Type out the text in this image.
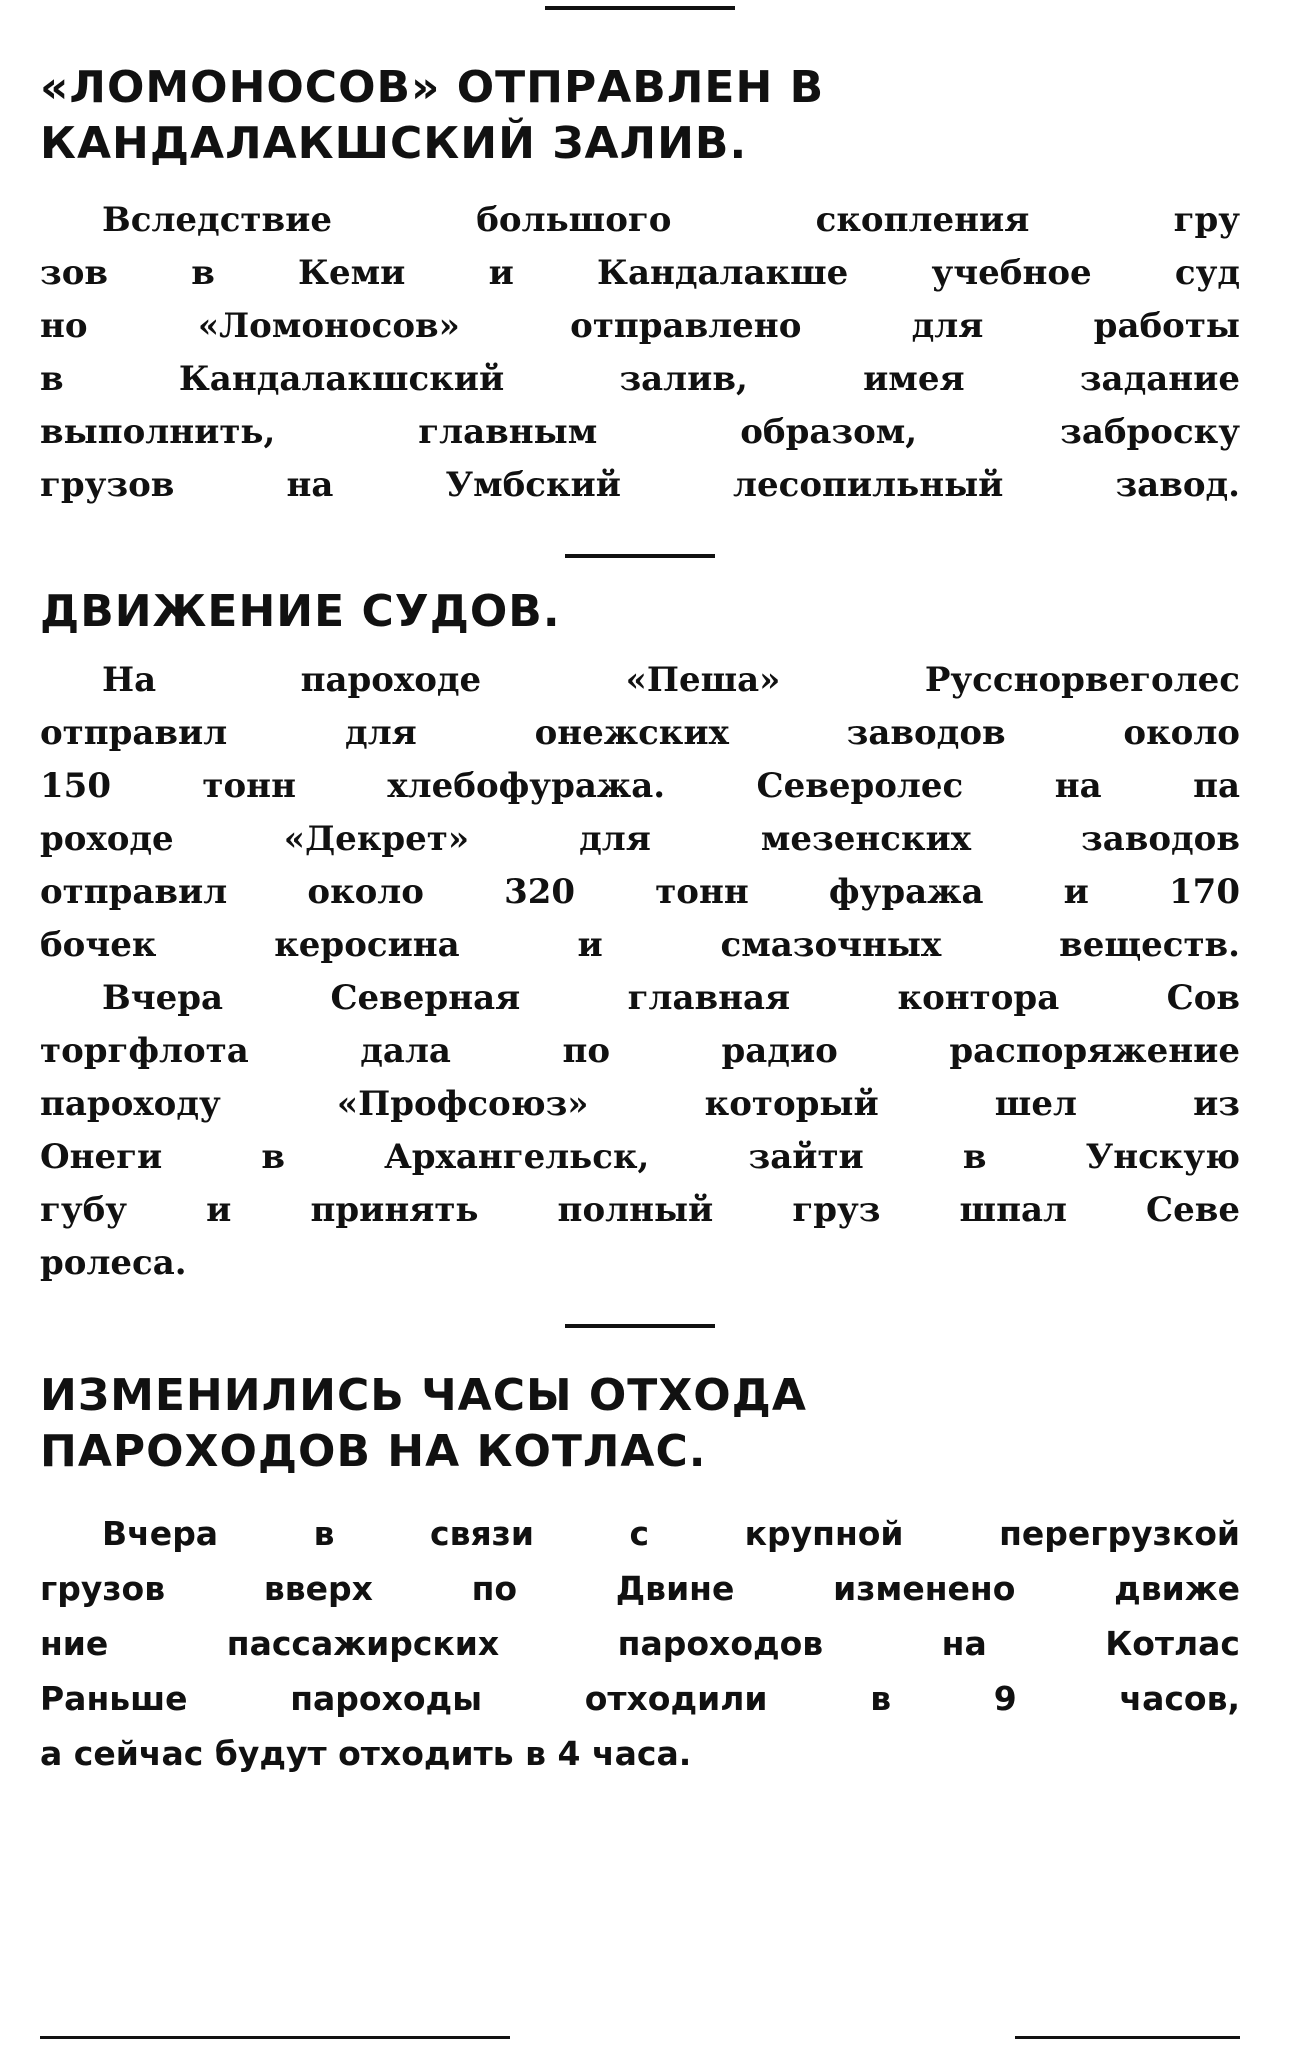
«ЛОМОНОСОВ» ОТПРАВЛЕН В
КАНДАЛАКШСКИЙ ЗАЛИВ.

Вследствие большого скопления гру
зов в Кеми и Кандалакше учебное суд
но «Ломоносов» отправлено для работы
в Кандалакшский залив, имея задание
выполнить, главным образом, заброску
грузов на Умбский лесопильный завод.

ДВИЖЕНИЕ СУДОВ.

На пароходе «Пеша» Русснорвеголес
отправил для онежских заводов около
150 тонн хлебофуража. Северолес на па
роходе «Декрет» для мезенских заводов
отправил около 320 тонн фуража и 170
бочек керосина и смазочных веществ.

Вчера Северная главная контора Сов
торгфлота дала по радио распоряжение
пароходу «Профсоюз» который шел из
Онеги в Архангельск, зайти в Унскую
губу и принять полный груз шпал Севе
ролеса.

ИЗМЕНИЛИСЬ ЧАСЫ ОТХОДА
ПАРОХОДОВ НА КОТЛАС.

Вчера в связи с крупной перегрузкой
грузов вверх по Двине изменено движе
ние пассажирских пароходов на Котлас
Раньше пароходы отходили в 9 часов,
а сейчас будут отходить в 4 часа.
